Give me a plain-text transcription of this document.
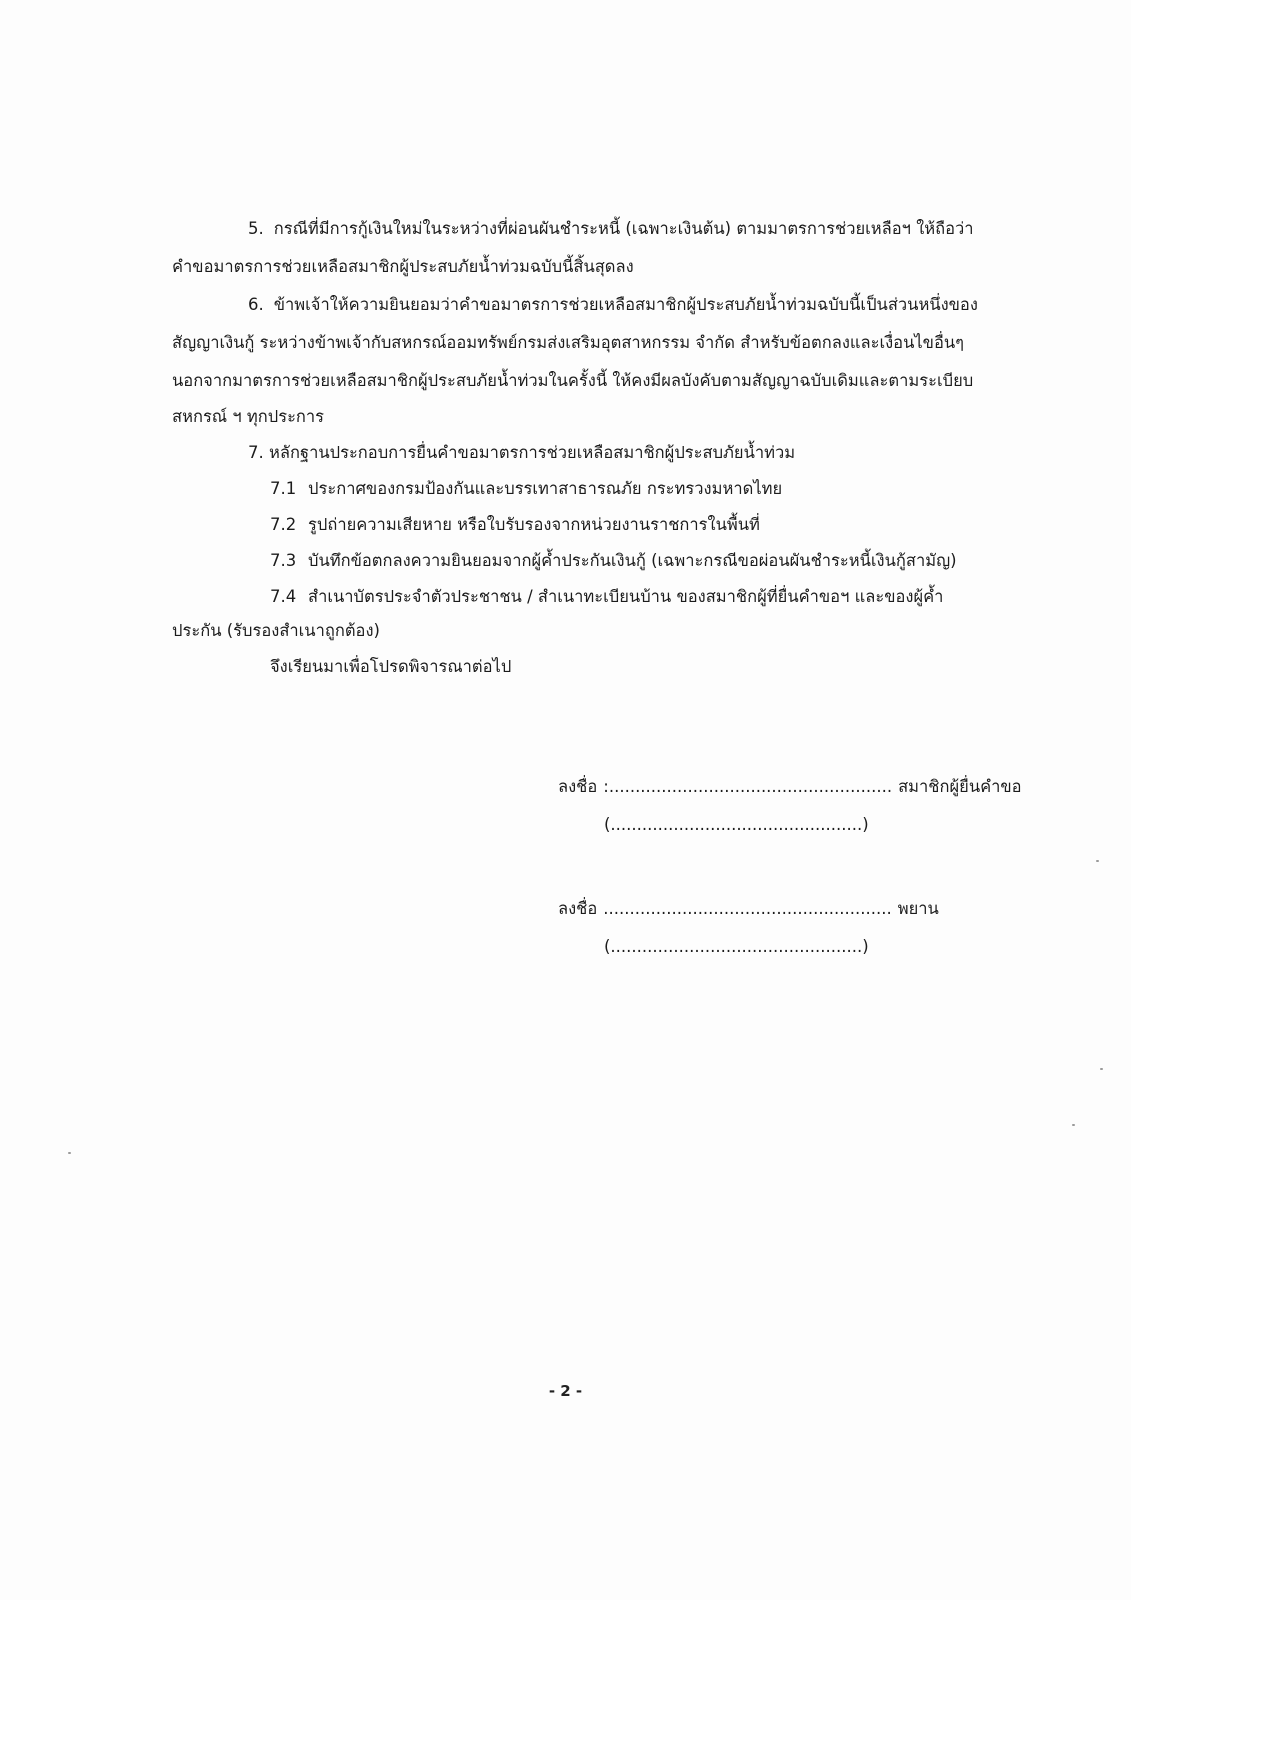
5. กรณีที่มีการกู้เงินใหม่ในระหว่างที่ผ่อนผันชำระหนี้ (เฉพาะเงินต้น) ตามมาตรการช่วยเหลือฯ ให้ถือว่า
คำขอมาตรการช่วยเหลือสมาชิกผู้ประสบภัยน้ำท่วมฉบับนี้สิ้นสุดลง
6. ข้าพเจ้าให้ความยินยอมว่าคำขอมาตรการช่วยเหลือสมาชิกผู้ประสบภัยน้ำท่วมฉบับนี้เป็นส่วนหนึ่งของ
สัญญาเงินกู้ ระหว่างข้าพเจ้ากับสหกรณ์ออมทรัพย์กรมส่งเสริมอุตสาหกรรม จำกัด สำหรับข้อตกลงและเงื่อนไขอื่นๆ
นอกจากมาตรการช่วยเหลือสมาชิกผู้ประสบภัยน้ำท่วมในครั้งนี้ ให้คงมีผลบังคับตามสัญญาฉบับเดิมและตามระเบียบ
สหกรณ์ ฯ ทุกประการ
7. หลักฐานประกอบการยื่นคำขอมาตรการช่วยเหลือสมาชิกผู้ประสบภัยน้ำท่วม
7.1 ประกาศของกรมป้องกันและบรรเทาสาธารณภัย กระทรวงมหาดไทย
7.2 รูปถ่ายความเสียหาย หรือใบรับรองจากหน่วยงานราชการในพื้นที่
7.3 บันทึกข้อตกลงความยินยอมจากผู้ค้ำประกันเงินกู้ (เฉพาะกรณีขอผ่อนผันชำระหนี้เงินกู้สามัญ)
7.4 สำเนาบัตรประจำตัวประชาชน / สำเนาทะเบียนบ้าน ของสมาชิกผู้ที่ยื่นคำขอฯ และของผู้ค้ำ
ประกัน (รับรองสำเนาถูกต้อง)
จึงเรียนมาเพื่อโปรดพิจารณาต่อไป
ลงชื่อ :...................................................... สมาชิกผู้ยื่นคำขอ
(................................................)
ลงชื่อ ....................................................... พยาน
(................................................)
- 2 -
